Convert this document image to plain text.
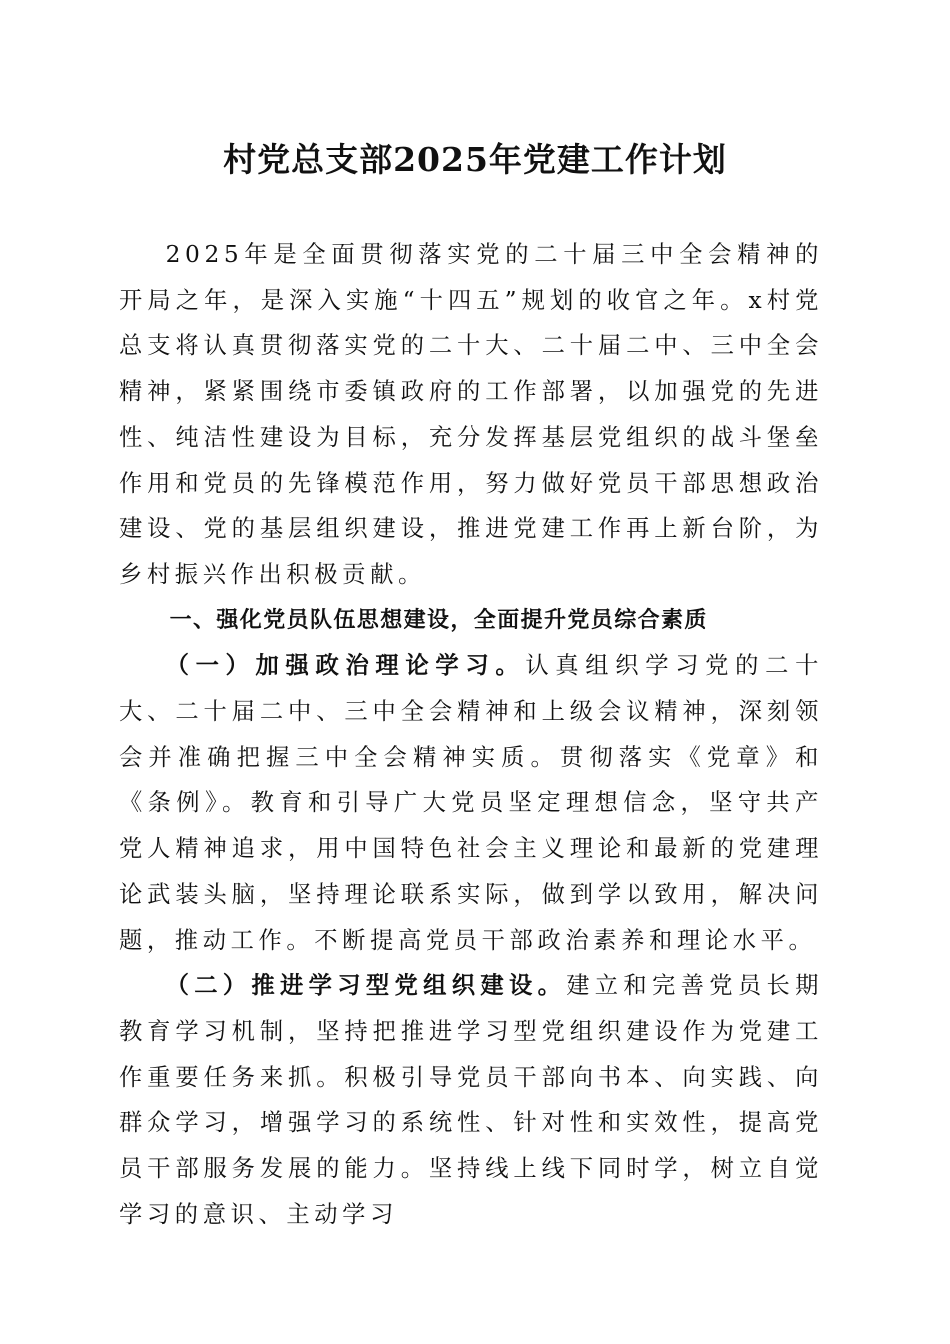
村党总支部2025年党建工作计划

2025年是全面贯彻落实党的二十届三中全会精神的开局之年，是深入实施“十四五”规划的收官之年。x村党总支将认真贯彻落实党的二十大、二十届二中、三中全会精神，紧紧围绕市委镇政府的工作部署，以加强党的先进性、纯洁性建设为目标，充分发挥基层党组织的战斗堡垒作用和党员的先锋模范作用，努力做好党员干部思想政治建设、党的基层组织建设，推进党建工作再上新台阶，为乡村振兴作出积极贡献。

一、强化党员队伍思想建设，全面提升党员综合素质

（一）加强政治理论学习。认真组织学习党的二十大、二十届二中、三中全会精神和上级会议精神，深刻领会并准确把握三中全会精神实质。贯彻落实《党章》和《条例》。教育和引导广大党员坚定理想信念，坚守共产党人精神追求，用中国特色社会主义理论和最新的党建理论武装头脑，坚持理论联系实际，做到学以致用，解决问题，推动工作。不断提高党员干部政治素养和理论水平。

（二）推进学习型党组织建设。建立和完善党员长期教育学习机制，坚持把推进学习型党组织建设作为党建工作重要任务来抓。积极引导党员干部向书本、向实践、向群众学习，增强学习的系统性、针对性和实效性，提高党员干部服务发展的能力。坚持线上线下同时学，树立自觉学习的意识、主动学习
